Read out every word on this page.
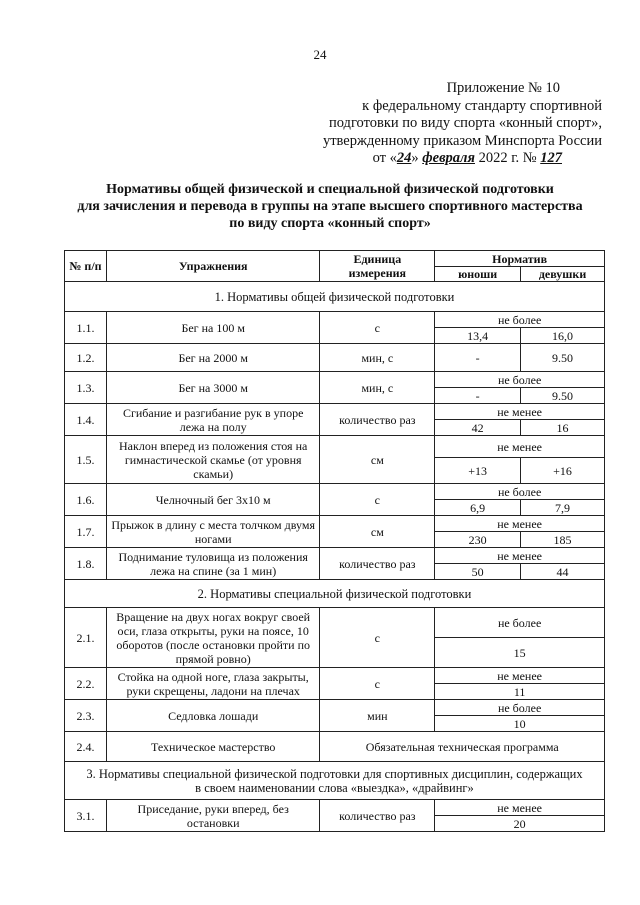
24
Приложение № 10
к федеральному стандарту спортивной
подготовки по виду спорта «конный спорт»,
утвержденному приказом Минспорта России
от «24» февраля 2022 г. № 127
Нормативы общей физической и специальной физической подготовки
для зачисления и перевода в группы на этапе высшего спортивного мастерства
по виду спорта «конный спорт»
№ п/п	Упражнения	Единица измерения	Норматив	
			юноши	девушки
1. Нормативы общей физической подготовки				
1.1.	Бег на 100 м	с	не более	
			13,4	16,0
1.2.	Бег на 2000 м	мин, с	-	9.50
1.3.	Бег на 3000 м	мин, с	не более	
			-	9.50
1.4.	Сгибание и разгибание рук в упоре лежа на полу	количество раз	не менее	
			42	16
1.5.	Наклон вперед из положения стоя на гимнастической скамье (от уровня скамьи)	см	не менее	
			+13	+16
1.6.	Челночный бег 3х10 м	с	не более	
			6,9	7,9
1.7.	Прыжок в длину с места толчком двумя ногами	см	не менее	
			230	185
1.8.	Поднимание туловища из положения лежа на спине (за 1 мин)	количество раз	не менее	
			50	44
2. Нормативы специальной физической подготовки				
2.1.	Вращение на двух ногах вокруг своей оси, глаза открыты, руки на поясе, 10 оборотов (после остановки пройти по прямой ровно)	с	не более	
			15	
2.2.	Стойка на одной ноге, глаза закрыты, руки скрещены, ладони на плечах	с	не менее	
			11	
2.3.	Седловка лошади	мин	не более	
			10	
2.4.	Техническое мастерство	Обязательная техническая программа		
3. Нормативы специальной физической подготовки для спортивных дисциплин, содержащих в своем наименовании слова «выездка», «драйвинг»				
3.1.	Приседание, руки вперед, без остановки	количество раз	не менее	
			20	
